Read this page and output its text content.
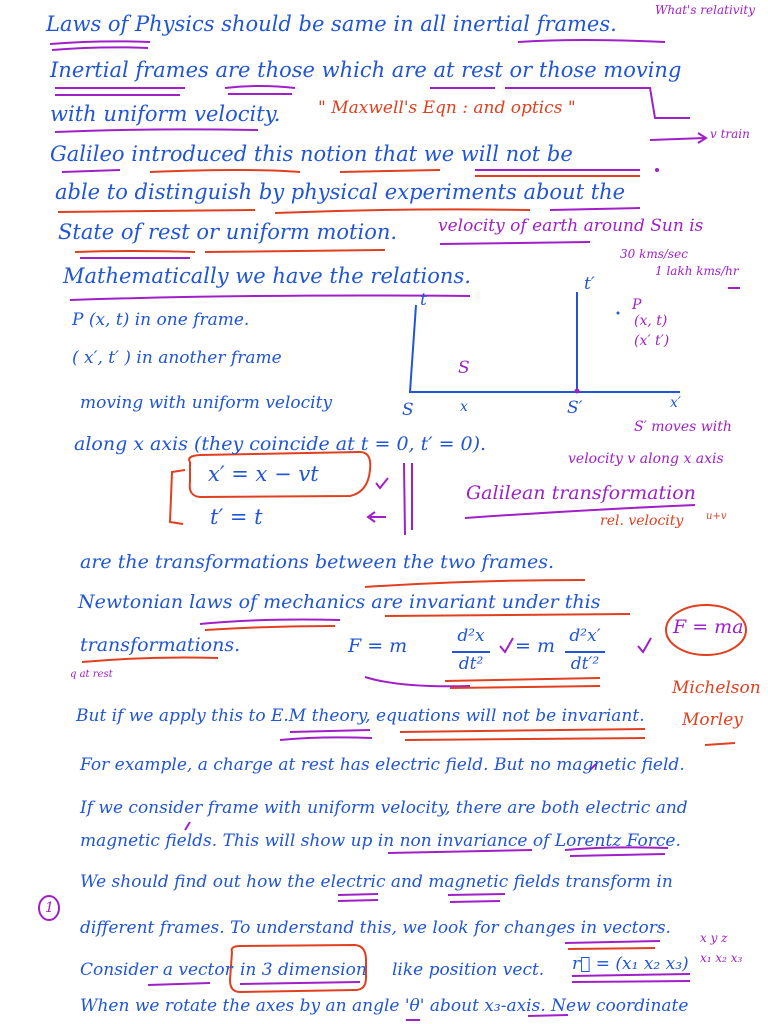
Laws of Physics should be same in all inertial frames.
Inertial frames are those which are at rest or those moving
with uniform velocity.
Galileo introduced this notion that we will not be
able to distinguish by physical experiments about the
State of rest or uniform motion.
Mathematically we have the relations.
P (x, t) in one frame.
( x′, t′ ) in another frame
moving with uniform velocity
along x axis (they coincide at t = 0, t′ = 0).
x′ = x − vt
t′ = t
are the transformations between the two frames.
Newtonian laws of mechanics are invariant under this
transformations.	F = m	d²x
dt²
= m d²x′
dt′²
But if we apply this to E.M theory, equations will not be invariant.
For example, a charge at rest has electric field. But no magnetic field.
If we consider frame with uniform velocity, there are both electric and
magnetic fields. This will show up in non invariance of Lorentz Force.
We should find out how the electric and magnetic fields transform in
different frames. To understand this, we look for changes in vectors.
Consider a vector in 3 dimension like position vect. r⃗ = (x₁ x₂ x₃)
When we rotate the axes by an angle 'θ' about x₃-axis. New coordinate
t
t′
S
S	x	S′	x′
P
(x, t)
(x′ t′)
What's relativity
" Maxwell's Eqn : and optics "
v train
velocity of earth around Sun is
30 kms/sec
1 lakh kms/hr
S′ moves with
velocity v along x axis
Galilean transformation
rel. velocity u+v
q at rest
F = ma
Michelson
Morley
x y z
x₁ x₂ x₃
1
